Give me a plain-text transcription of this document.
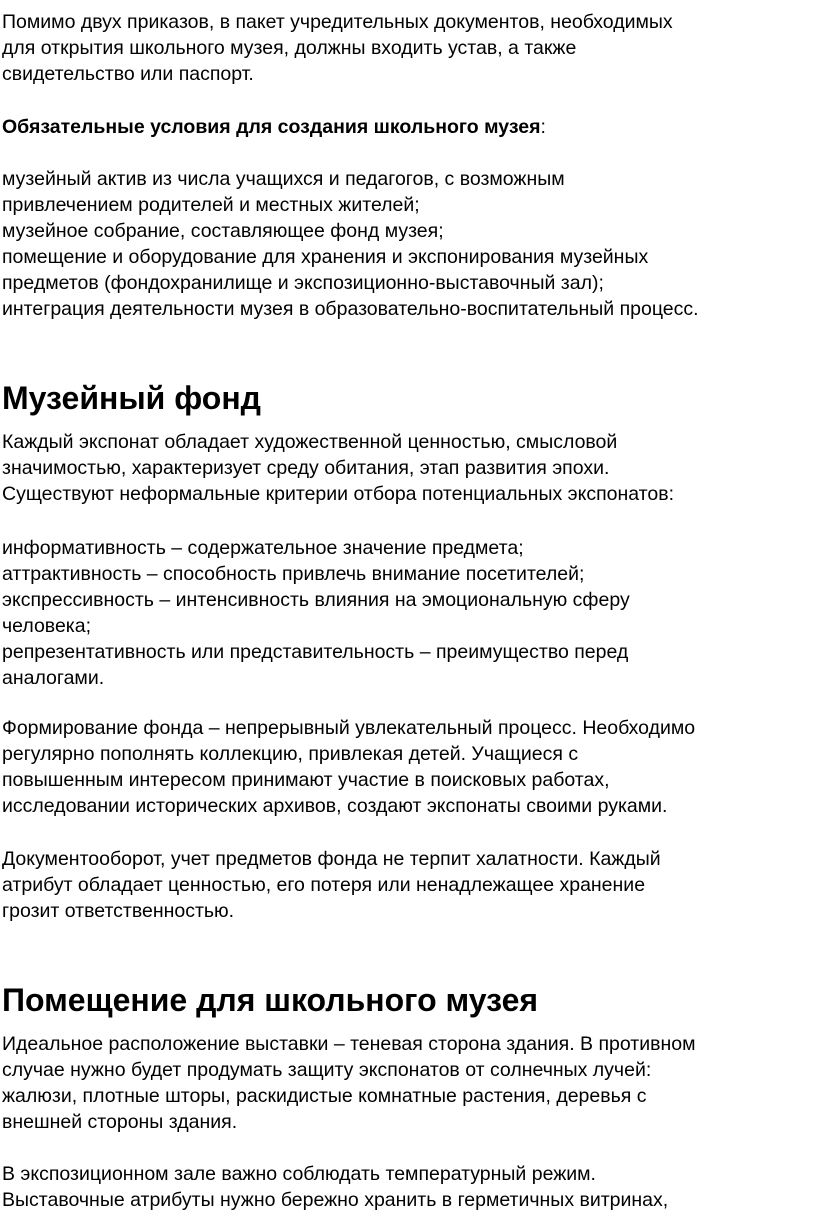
Помимо двух приказов, в пакет учредительных документов, необходимых
для открытия школьного музея, должны входить устав, а также
свидетельство или паспорт.
Обязательные условия для создания школьного музея:
музейный актив из числа учащихся и педагогов, с возможным
привлечением родителей и местных жителей;
музейное собрание, составляющее фонд музея;
помещение и оборудование для хранения и экспонирования музейных
предметов (фондохранилище и экспозиционно-выставочный зал);
интеграция деятельности музея в образовательно-воспитательный процесс.
Музейный фонд
Каждый экспонат обладает художественной ценностью, смысловой
значимостью, характеризует среду обитания, этап развития эпохи.
Существуют неформальные критерии отбора потенциальных экспонатов:
информативность – содержательное значение предмета;
аттрактивность – способность привлечь внимание посетителей;
экспрессивность – интенсивность влияния на эмоциональную сферу
человека;
репрезентативность или представительность – преимущество перед
аналогами.
Формирование фонда – непрерывный увлекательный процесс. Необходимо
регулярно пополнять коллекцию, привлекая детей. Учащиеся с
повышенным интересом принимают участие в поисковых работах,
исследовании исторических архивов, создают экспонаты своими руками.
Документооборот, учет предметов фонда не терпит халатности. Каждый
атрибут обладает ценностью, его потеря или ненадлежащее хранение
грозит ответственностью.
Помещение для школьного музея
Идеальное расположение выставки – теневая сторона здания. В противном
случае нужно будет продумать защиту экспонатов от солнечных лучей:
жалюзи, плотные шторы, раскидистые комнатные растения, деревья с
внешней стороны здания.
В экспозиционном зале важно соблюдать температурный режим.
Выставочные атрибуты нужно бережно хранить в герметичных витринах,
